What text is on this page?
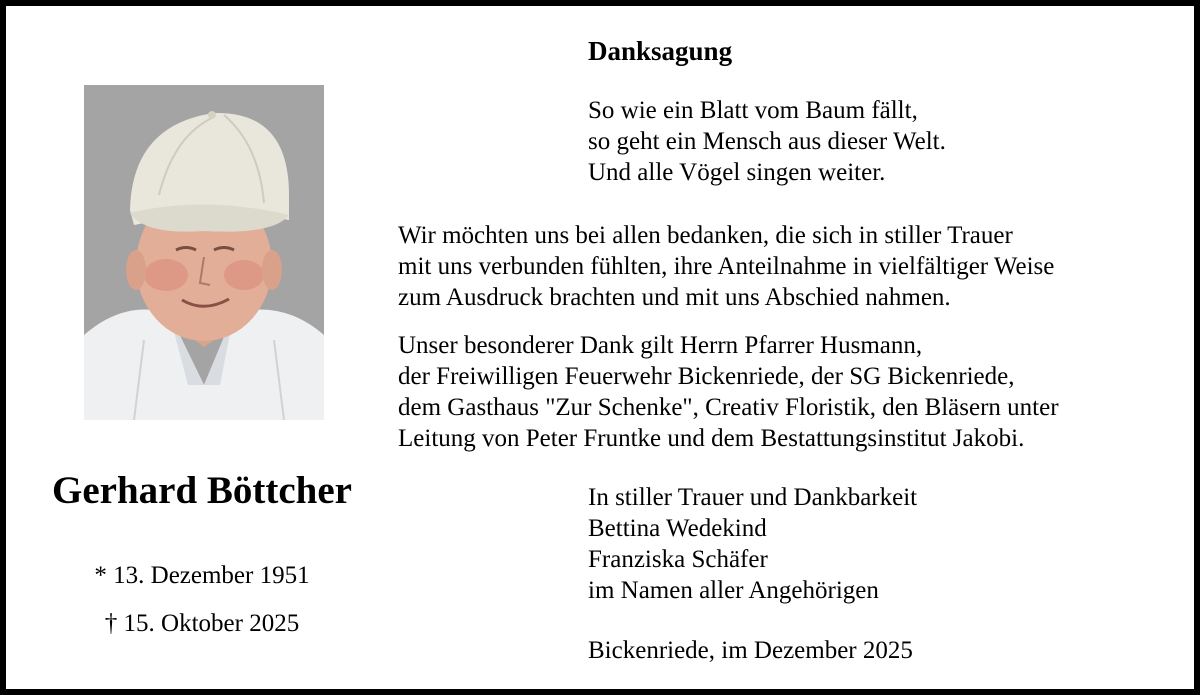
Gerhard Böttcher
* 13. Dezember 1951
† 15. Oktober 2025
Danksagung
So wie ein Blatt vom Baum fällt,
so geht ein Mensch aus dieser Welt.
Und alle Vögel singen weiter.
Wir möchten uns bei allen bedanken, die sich in stiller Trauer
mit uns verbunden fühlten, ihre Anteilnahme in vielfältiger Weise
zum Ausdruck brachten und mit uns Abschied nahmen.
Unser besonderer Dank gilt Herrn Pfarrer Husmann,
der Freiwilligen Feuerwehr Bickenriede, der SG Bickenriede,
dem Gasthaus "Zur Schenke", Creativ Floristik, den Bläsern unter
Leitung von Peter Fruntke und dem Bestattungsinstitut Jakobi.
In stiller Trauer und Dankbarkeit
Bettina Wedekind
Franziska Schäfer
im Namen aller Angehörigen
Bickenriede, im Dezember 2025
